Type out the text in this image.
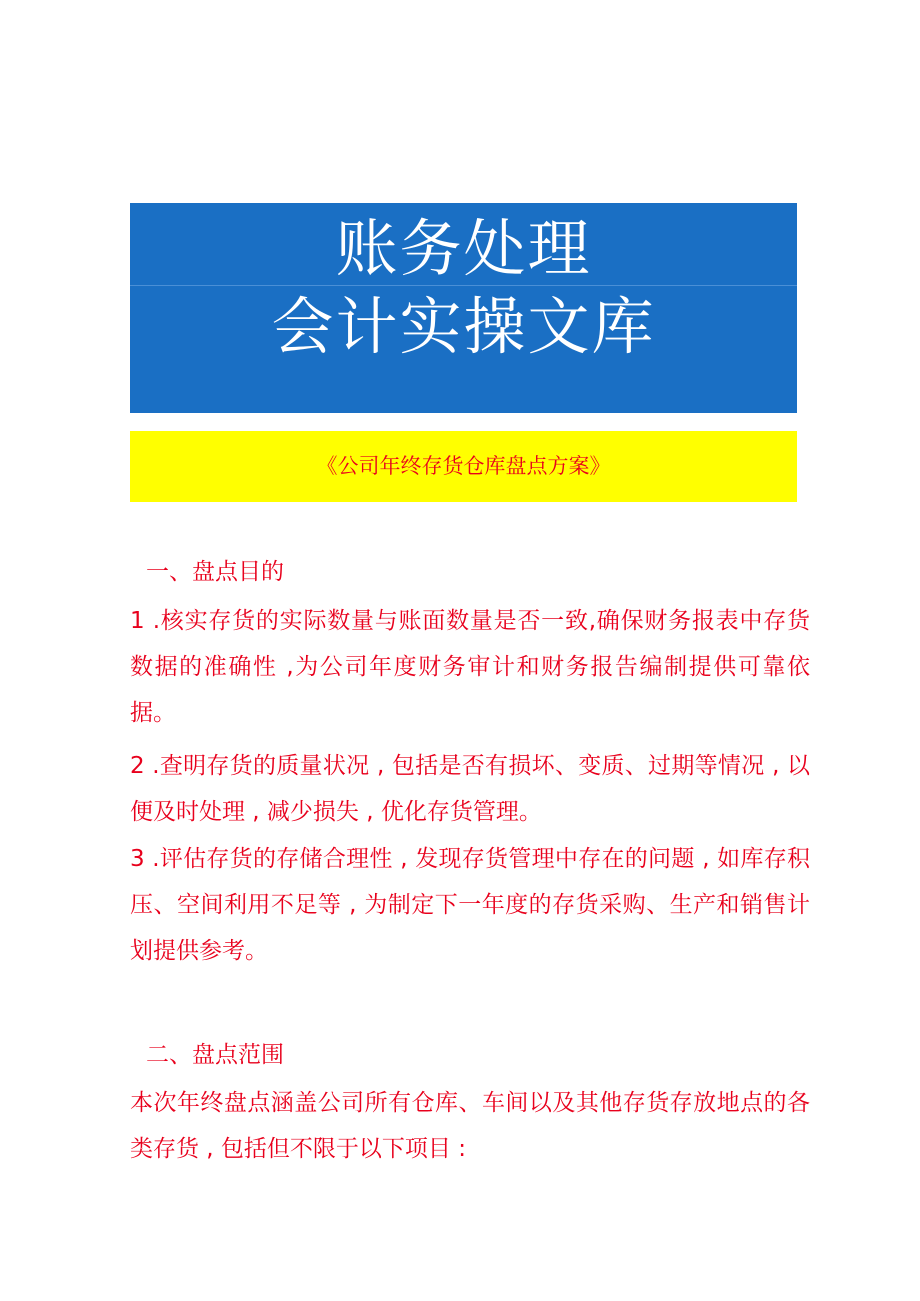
账务处理
会计实操文库
《公司年终存货仓库盘点方案》
一、盘点目的
1 .核实存货的实际数量与账面数量是否一致,确保财务报表中存货数据的准确性 ,为公司年度财务审计和财务报告编制提供可靠依据。
2 .查明存货的质量状况 , 包括是否有损坏、变质、过期等情况 , 以便及时处理 , 减少损失 , 优化存货管理。
3 .评估存货的存储合理性 , 发现存货管理中存在的问题 , 如库存积压、空间利用不足等 , 为制定下一年度的存货采购、生产和销售计划提供参考。
二、盘点范围
本次年终盘点涵盖公司所有仓库、车间以及其他存货存放地点的各类存货 , 包括但不限于以下项目 :
